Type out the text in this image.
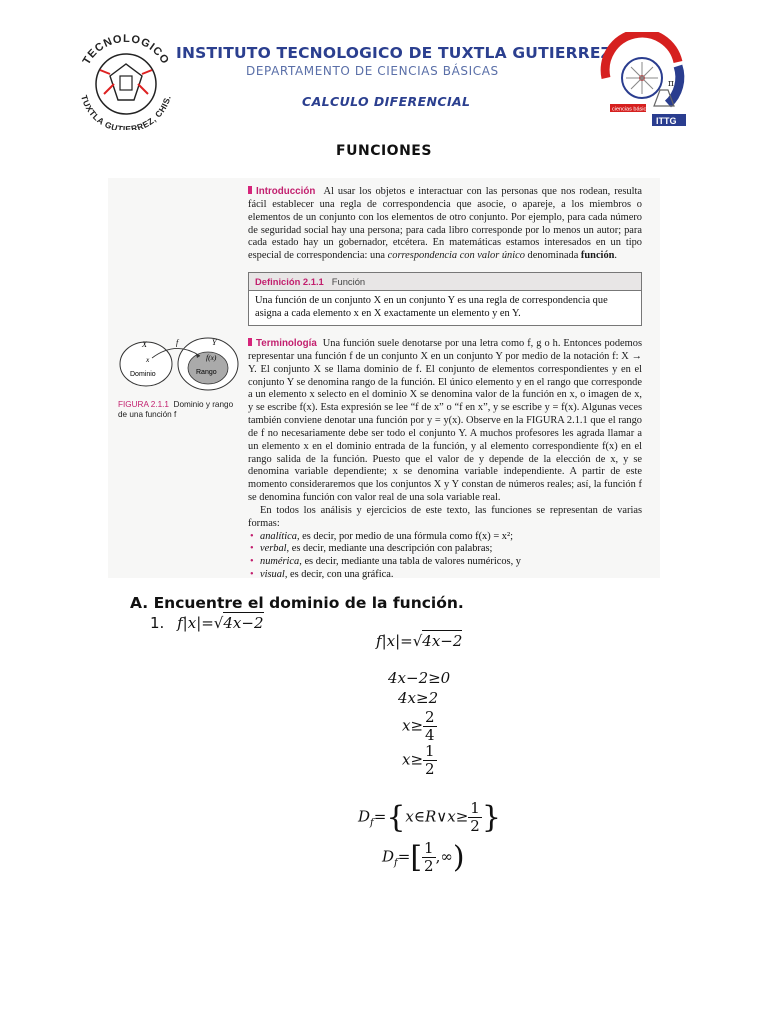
TECNOLOGICO
TUXTLA GUTIERREZ, CHIS.
INSTITUTO TECNOLOGICO DE TUXTLA GUTIERREZ
DEPARTAMENTO DE CIENCIAS BÁSICAS
CALCULO DIFERENCIAL
π
ciencias básicas
ITTG
FUNCIONES

Introducción Al usar los objetos e interactuar con las personas que nos rodean, resulta fácil establecer una regla de correspondencia que asocie, o apareje, a los miembros o elementos de un conjunto con los elementos de otro conjunto. Por ejemplo, para cada número de seguridad social hay una persona; para cada libro corresponde por lo menos un autor; para cada estado hay un gobernador, etcétera. En matemáticas estamos interesados en un tipo especial de correspondencia: una correspondencia con valor único denominada función.

Definición 2.1.1 Función
Una función de un conjunto X en un conjunto Y es una regla de correspondencia que asigna a cada elemento x en X exactamente un elemento y en Y.
X	Y
f
x	f(x)
Dominio	Rango
FIGURA 2.1.1 Dominio y rango de una función f

Terminología Una función suele denotarse por una letra como f, g o h. Entonces podemos representar una función f de un conjunto X en un conjunto Y por medio de la notación f: X → Y. El conjunto X se llama dominio de f. El conjunto de elementos correspondientes y en el conjunto Y se denomina rango de la función. El único elemento y en el rango que corresponde a un elemento x selecto en el dominio X se denomina valor de la función en x, o imagen de x, y se escribe f(x). Esta expresión se lee “f de x” o “f en x”, y se escribe y = f(x). Algunas veces también conviene denotar una función por y = y(x). Observe en la FIGURA 2.1.1 que el rango de f no necesariamente debe ser todo el conjunto Y. A muchos profesores les agrada llamar a un elemento x en el dominio entrada de la función, y al elemento correspondiente f(x) en el rango salida de la función. Puesto que el valor de y depende de la elección de x, y se denomina variable dependiente; x se denomina variable independiente. A partir de este momento consideraremos que los conjuntos X y Y constan de números reales; así, la función f se denomina función con valor real de una sola variable real.

En todos los análisis y ejercicios de este texto, las funciones se representan de varias formas:

• analítica, es decir, por medio de una fórmula como f(x) = x²;
• verbal, es decir, mediante una descripción con palabras;
• numérica, es decir, mediante una tabla de valores numéricos, y
• visual, es decir, con una gráfica.
A. Encuentre el dominio de la función.
1. f|x|=√4x−2
f|x|=√4x−2
4x−2≥0
4x≥2
$x\ge \frac{2}{4}$
$x\ge \frac{1}{2}$
$D_f=\{x\in R\vee x\ge \frac{1}{2}$ }
$D_f=[ \frac{1}{2}$ ,∞)
